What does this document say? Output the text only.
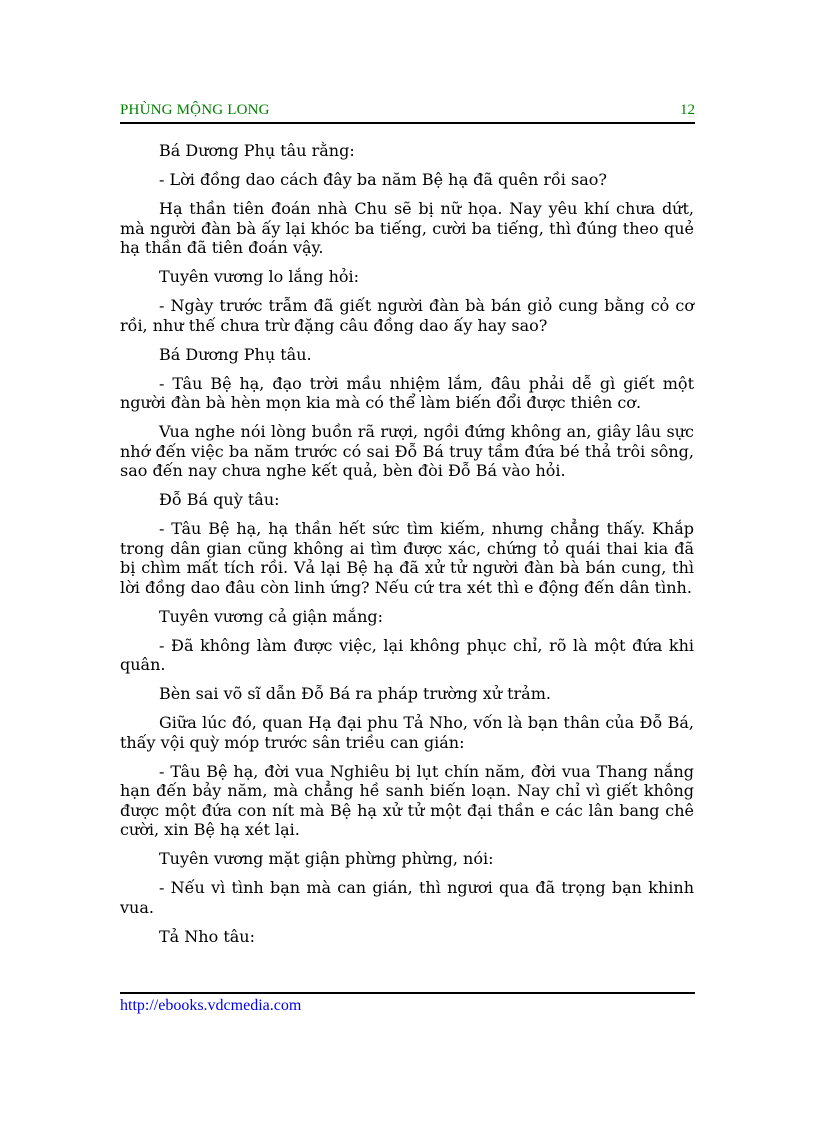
PHÙNG MỘNG LONG	12

Bá Dương Phụ tâu rằng:

- Lời đồng dao cách đây ba năm Bệ hạ đã quên rồi sao?

Hạ thần tiên đoán nhà Chu sẽ bị nữ họa. Nay yêu khí chưa dứt, mà người đàn bà ấy lại khóc ba tiếng, cười ba tiếng, thì đúng theo quẻ hạ thần đã tiên đoán vậy.

Tuyên vương lo lắng hỏi:

- Ngày trước trẫm đã giết người đàn bà bán giỏ cung bằng cỏ cơ rồi, như thế chưa trừ đặng câu đồng dao ấy hay sao?

Bá Dương Phụ tâu.

- Tâu Bệ hạ, đạo trời mầu nhiệm lắm, đâu phải dễ gì giết một người đàn bà hèn mọn kia mà có thể làm biến đổi được thiên cơ.

Vua nghe nói lòng buồn rã rượi, ngồi đứng không an, giây lâu sực nhớ đến việc ba năm trước có sai Đỗ Bá truy tầm đứa bé thả trôi sông, sao đến nay chưa nghe kết quả, bèn đòi Đỗ Bá vào hỏi.

Đỗ Bá quỳ tâu:

- Tâu Bệ hạ, hạ thần hết sức tìm kiếm, nhưng chẳng thấy. Khắp trong dân gian cũng không ai tìm được xác, chứng tỏ quái thai kia đã bị chìm mất tích rồi. Vả lại Bệ hạ đã xử tử người đàn bà bán cung, thì lời đồng dao đâu còn linh ứng? Nếu cứ tra xét thì e động đến dân tình.

Tuyên vương cả giận mắng:

- Đã không làm được việc, lại không phục chỉ, rõ là một đứa khi quân.

Bèn sai võ sĩ dẫn Đỗ Bá ra pháp trường xử trảm.

Giữa lúc đó, quan Hạ đại phu Tả Nho, vốn là bạn thân của Đỗ Bá, thấy vội quỳ móp trước sân triều can gián:

- Tâu Bệ hạ, đời vua Nghiêu bị lụt chín năm, đời vua Thang nắng hạn đến bảy năm, mà chẳng hề sanh biến loạn. Nay chỉ vì giết không được một đứa con nít mà Bệ hạ xử tử một đại thần e các lân bang chê cười, xin Bệ hạ xét lại.

Tuyên vương mặt giận phừng phừng, nói:

- Nếu vì tình bạn mà can gián, thì ngươi qua đã trọng bạn khinh vua.

Tả Nho tâu:

http://ebooks.vdcmedia.com
